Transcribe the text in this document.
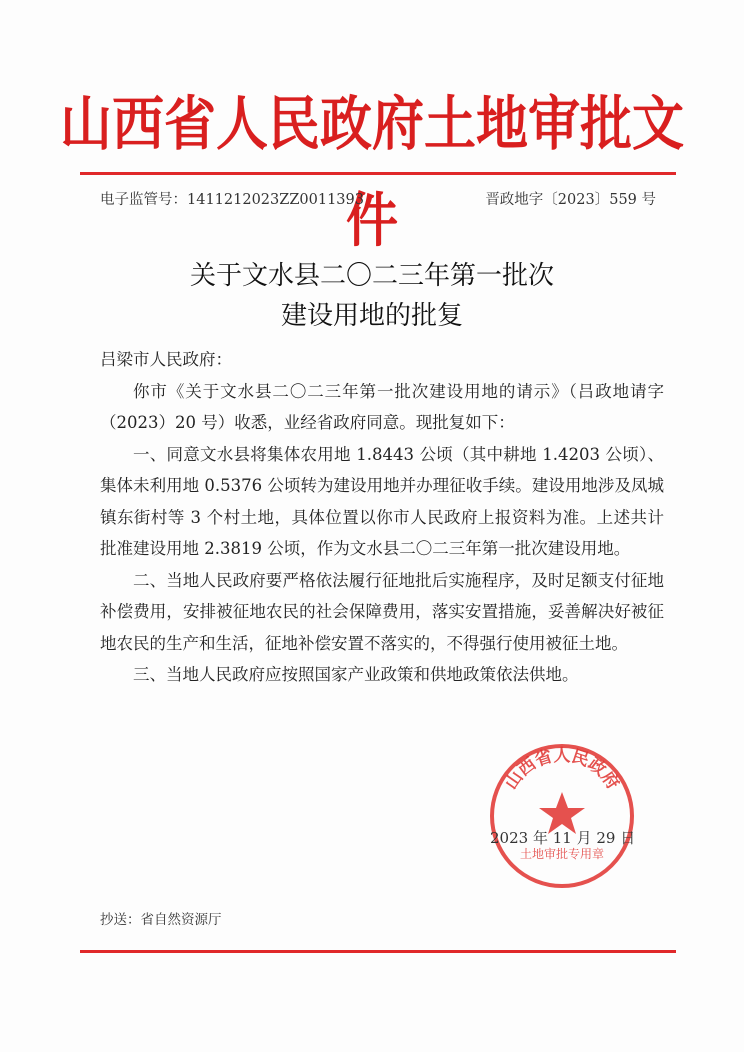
山西省人民政府土地审批文件
电子监管号：1411212023ZZ0011393	晋政地字〔2023〕559 号
关于文水县二〇二三年第一批次
建设用地的批复

吕梁市人民政府：

你市《关于文水县二〇二三年第一批次建设用地的请示》（吕政地请字（2023）20 号）收悉，业经省政府同意。现批复如下：

一、同意文水县将集体农用地 1.8443 公顷（其中耕地 1.4203 公顷）、集体未利用地 0.5376 公顷转为建设用地并办理征收手续。建设用地涉及凤城镇东街村等 3 个村土地，具体位置以你市人民政府上报资料为准。上述共计批准建设用地 2.3819 公顷，作为文水县二〇二三年第一批次建设用地。

二、当地人民政府要严格依法履行征地批后实施程序，及时足额支付征地补偿费用，安排被征地农民的社会保障费用，落实安置措施，妥善解决好被征地农民的生产和生活，征地补偿安置不落实的，不得强行使用被征土地。

三、当地人民政府应按照国家产业政策和供地政策依法供地。

山西省人民政府
土地审批专用章
2023 年 11 月 29 日
抄送：省自然资源厅
